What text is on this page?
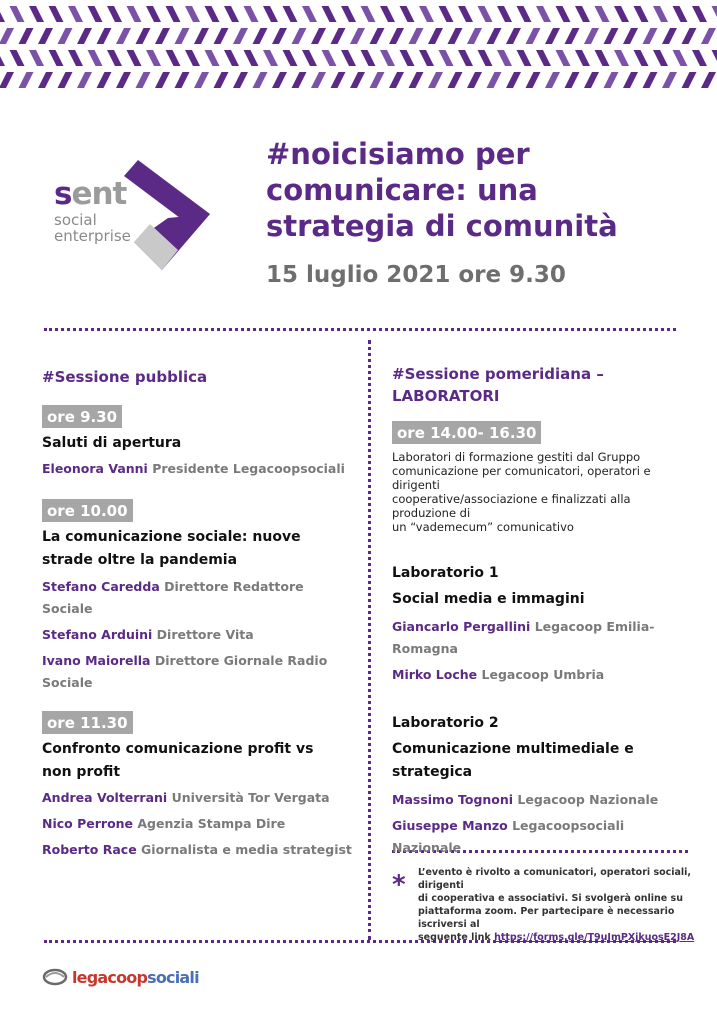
sent
social
enterprise
#noicisiamo per
comunicare: una
strategia di comunità
15 luglio 2021 ore 9.30
#Sessione pubblica
ore 9.30
Saluti di apertura
Eleonora Vanni Presidente Legacoopsociali
ore 10.00
La comunicazione sociale: nuove
strade oltre la pandemia
Stefano Caredda Direttore Redattore
Sociale
Stefano Arduini Direttore Vita
Ivano Maiorella Direttore Giornale Radio
Sociale
ore 11.30
Confronto comunicazione profit vs
non profit
Andrea Volterrani Università Tor Vergata
Nico Perrone Agenzia Stampa Dire
Roberto Race Giornalista e media strategist
#Sessione pomeridiana –
LABORATORI
ore 14.00- 16.30
Laboratori di formazione gestiti dal Gruppo
comunicazione per comunicatori, operatori e dirigenti
cooperative/associazione e finalizzati alla produzione di
un “vademecum” comunicativo
Laboratorio 1
Social media e immagini
Giancarlo Pergallini Legacoop Emilia-
Romagna
Mirko Loche Legacoop Umbria
Laboratorio 2
Comunicazione multimediale e
strategica
Massimo Tognoni Legacoop Nazionale
Giuseppe Manzo Legacoopsociali
Nazionale
* L’evento è rivolto a comunicatori, operatori sociali, dirigenti
di cooperativa e associativi. Si svolgerà online su
piattaforma zoom. Per partecipare è necessario iscriversi al
seguente link https://forms.gle/T9uJmPXjkuosE2J8A
legacoopsociali
